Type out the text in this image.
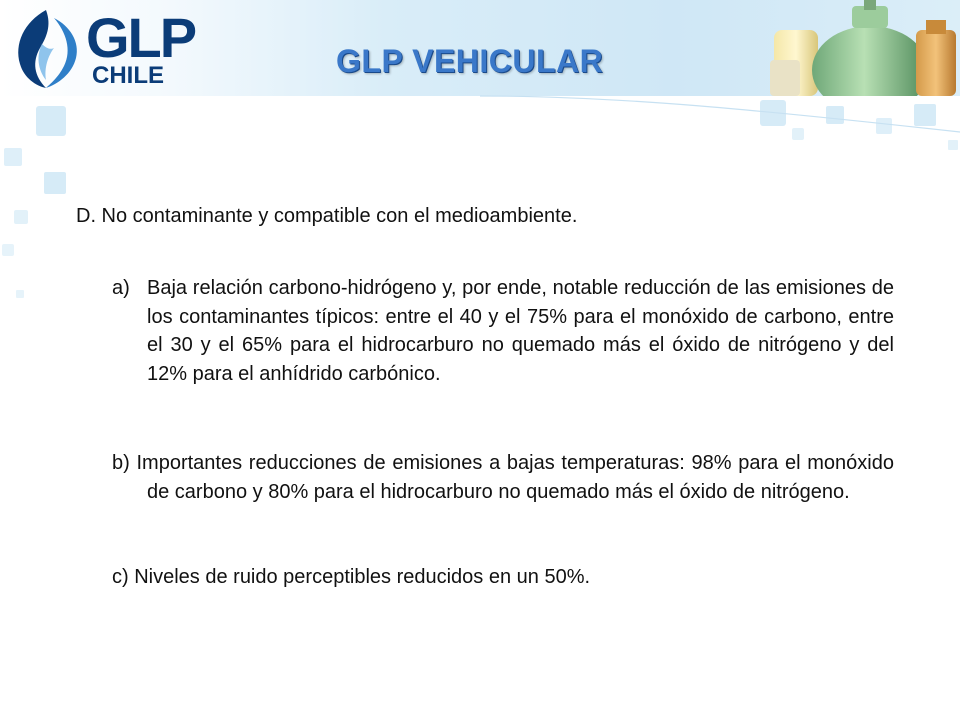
GLP
CHILE	GLP VEHICULAR
D. No contaminante y compatible con el medioambiente.
a) Baja relación carbono-hidrógeno y, por ende, notable reducción de las emisiones de los contaminantes típicos: entre el 40 y el 75% para el monóxido de carbono, entre el 30 y el 65% para el hidrocarburo no quemado más el óxido de nitrógeno y del 12% para el anhídrido carbónico.
b) Importantes reducciones de emisiones a bajas temperaturas: 98% para el monóxido de carbono y 80% para el hidrocarburo no quemado más el óxido de nitrógeno.
c) Niveles de ruido perceptibles reducidos en un 50%.
